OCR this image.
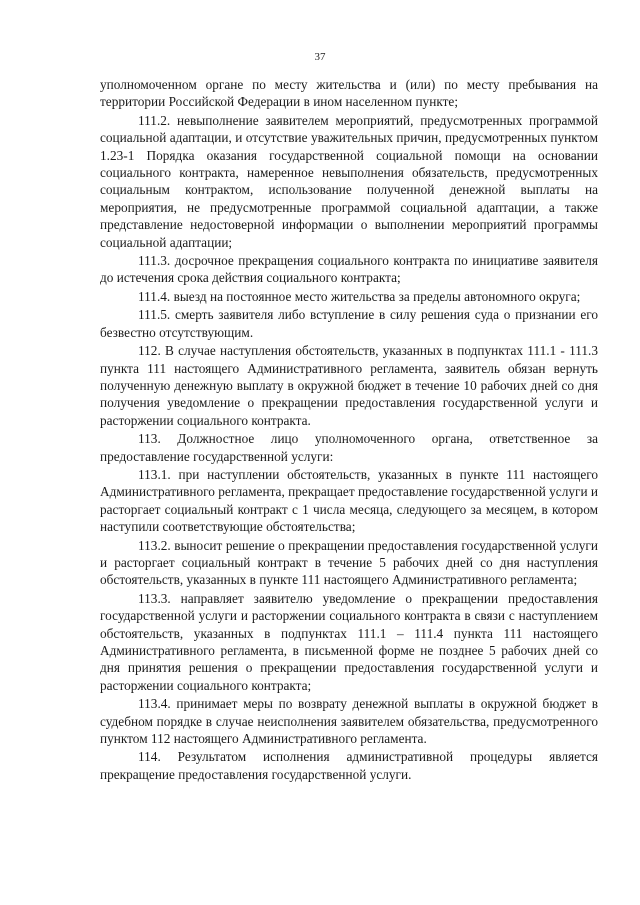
37

уполномоченном органе по месту жительства и (или) по месту пребывания на территории Российской Федерации в ином населенном пункте;

111.2. невыполнение заявителем мероприятий, предусмотренных программой социальной адаптации, и отсутствие уважительных причин, предусмотренных пунктом 1.23-1 Порядка оказания государственной социальной помощи на основании социального контракта, намеренное невыполнения обязательств, предусмотренных социальным контрактом, использование полученной денежной выплаты на мероприятия, не предусмотренные программой социальной адаптации, а также представление недостоверной информации о выполнении мероприятий программы социальной адаптации;

111.3. досрочное прекращения социального контракта по инициативе заявителя до истечения срока действия социального контракта;

111.4. выезд на постоянное место жительства за пределы автономного округа;

111.5. смерть заявителя либо вступление в силу решения суда о признании его безвестно отсутствующим.

112. В случае наступления обстоятельств, указанных в подпунктах 111.1 - 111.3 пункта 111 настоящего Административного регламента, заявитель обязан вернуть полученную денежную выплату в окружной бюджет в течение 10 рабочих дней со дня получения уведомление о прекращении предоставления государственной услуги и расторжении социального контракта.

113. Должностное лицо уполномоченного органа, ответственное за предоставление государственной услуги:

113.1. при наступлении обстоятельств, указанных в пункте 111 настоящего Административного регламента, прекращает предоставление государственной услуги и расторгает социальный контракт с 1 числа месяца, следующего за месяцем, в котором наступили соответствующие обстоятельства;

113.2. выносит решение о прекращении предоставления государственной услуги и расторгает социальный контракт в течение 5 рабочих дней со дня наступления обстоятельств, указанных в пункте 111 настоящего Административного регламента;

113.3. направляет заявителю уведомление о прекращении предоставления государственной услуги и расторжении социального контракта в связи с наступлением обстоятельств, указанных в подпунктах 111.1 – 111.4 пункта 111 настоящего Административного регламента, в письменной форме не позднее 5 рабочих дней со дня принятия решения о прекращении предоставления государственной услуги и расторжении социального контракта;

113.4. принимает меры по возврату денежной выплаты в окружной бюджет в судебном порядке в случае неисполнения заявителем обязательства, предусмотренного пунктом 112 настоящего Административного регламента.

114. Результатом исполнения административной процедуры является прекращение предоставления государственной услуги.
